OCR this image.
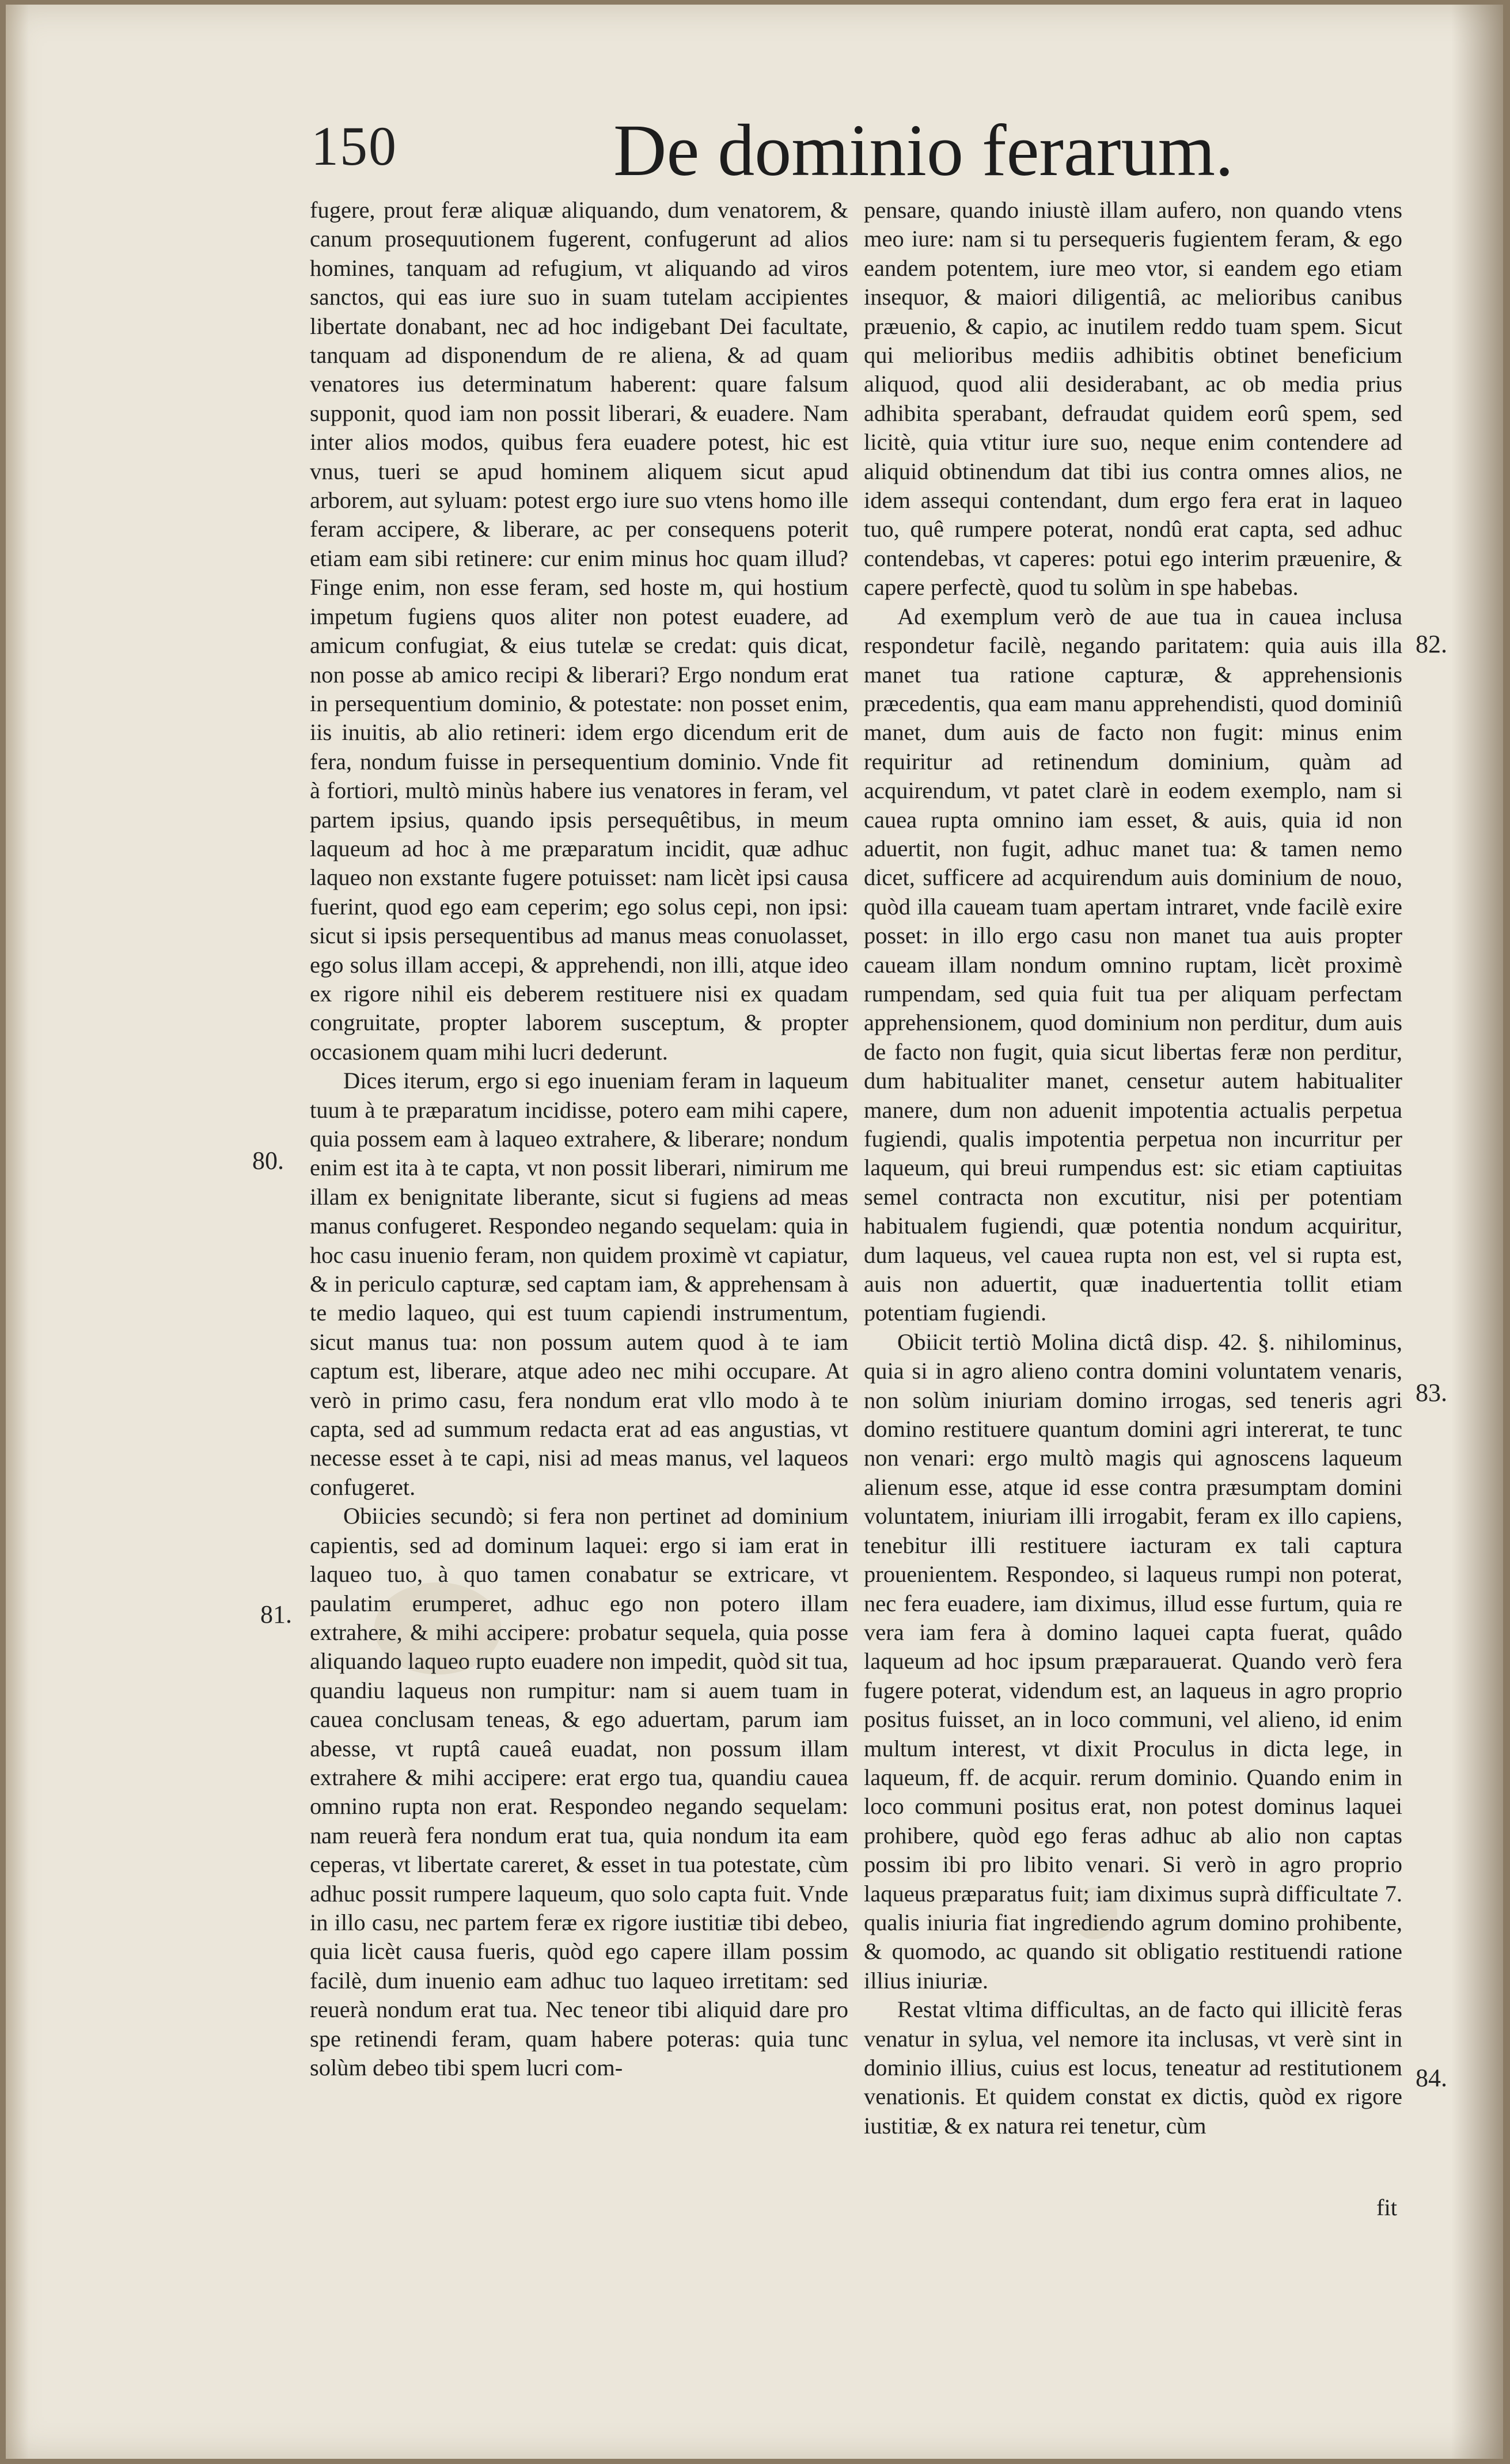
150	De dominio ferarum.

fugere, prout feræ aliquæ aliquando, dum venatorem, & canum prosequutionem fugerent, confugerunt ad alios homines, tanquam ad refugium, vt aliquando ad viros sanctos, qui eas iure suo in suam tutelam accipientes libertate donabant, nec ad hoc indigebant Dei facultate, tanquam ad disponendum de re aliena, & ad quam venatores ius determinatum haberent: quare falsum supponit, quod iam non possit liberari, & euadere. Nam inter alios modos, quibus fera euadere potest, hic est vnus, tueri se apud hominem aliquem sicut apud arborem, aut syluam: potest ergo iure suo vtens homo ille feram accipere, & liberare, ac per consequens poterit etiam eam sibi retinere: cur enim minus hoc quam illud? Finge enim, non esse feram, sed hoste m, qui hostium impetum fugiens quos aliter non potest euadere, ad amicum confugiat, & eius tutelæ se credat: quis dicat, non posse ab amico recipi & liberari? Ergo nondum erat in persequentium dominio, & potestate: non posset enim, iis inuitis, ab alio retineri: idem ergo dicendum erit de fera, nondum fuisse in persequentium dominio. Vnde fit à fortiori, multò minùs habere ius venatores in feram, vel partem ipsius, quando ipsis persequêtibus, in meum laqueum ad hoc à me præparatum incidit, quæ adhuc laqueo non exstante fugere potuisset: nam licèt ipsi causa fuerint, quod ego eam ceperim; ego solus cepi, non ipsi: sicut si ipsis persequentibus ad manus meas conuolasset, ego solus illam accepi, & apprehendi, non illi, atque ideo ex rigore nihil eis deberem restituere nisi ex quadam congruitate, propter laborem susceptum, & propter occasionem quam mihi lucri dederunt.

Dices iterum, ergo si ego inueniam feram in laqueum tuum à te præparatum incidisse, potero eam mihi capere, quia possem eam à laqueo extrahere, & liberare; nondum enim est ita à te capta, vt non possit liberari, nimirum me illam ex benignitate liberante, sicut si fugiens ad meas manus confugeret. Respondeo negando sequelam: quia in hoc casu inuenio feram, non quidem proximè vt capiatur, & in periculo capturæ, sed captam iam, & apprehensam à te medio laqueo, qui est tuum capiendi instrumentum, sicut manus tua: non possum autem quod à te iam captum est, liberare, atque adeo nec mihi occupare. At verò in primo casu, fera nondum erat vllo modo à te capta, sed ad summum redacta erat ad eas angustias, vt necesse esset à te capi, nisi ad meas manus, vel laqueos confugeret.

Obiicies secundò; si fera non pertinet ad dominium capientis, sed ad dominum laquei: ergo si iam erat in laqueo tuo, à quo tamen conabatur se extricare, vt paulatim erumperet, adhuc ego non potero illam extrahere, & mihi accipere: probatur sequela, quia posse aliquando laqueo rupto euadere non impedit, quòd sit tua, quandiu laqueus non rumpitur: nam si auem tuam in cauea conclusam teneas, & ego aduertam, parum iam abesse, vt ruptâ caueâ euadat, non possum illam extrahere & mihi accipere: erat ergo tua, quandiu cauea omnino rupta non erat. Respondeo negando sequelam: nam reuerà fera nondum erat tua, quia nondum ita eam ceperas, vt libertate careret, & esset in tua potestate, cùm adhuc possit rumpere laqueum, quo solo capta fuit. Vnde in illo casu, nec partem feræ ex rigore iustitiæ tibi debeo, quia licèt causa fueris, quòd ego capere illam possim facilè, dum inuenio eam adhuc tuo laqueo irretitam: sed reuerà nondum erat tua. Nec teneor tibi aliquid dare pro spe retinendi feram, quam habere poteras: quia tunc solùm debeo tibi spem lucri com-

pensare, quando iniustè illam aufero, non quando vtens meo iure: nam si tu persequeris fugientem feram, & ego eandem potentem, iure meo vtor, si eandem ego etiam insequor, & maiori diligentiâ, ac melioribus canibus præuenio, & capio, ac inutilem reddo tuam spem. Sicut qui melioribus mediis adhibitis obtinet beneficium aliquod, quod alii desiderabant, ac ob media prius adhibita sperabant, defraudat quidem eorû spem, sed licitè, quia vtitur iure suo, neque enim contendere ad aliquid obtinendum dat tibi ius contra omnes alios, ne idem assequi contendant, dum ergo fera erat in laqueo tuo, quê rumpere poterat, nondû erat capta, sed adhuc contendebas, vt caperes: potui ego interim præuenire, & capere perfectè, quod tu solùm in spe habebas.

Ad exemplum verò de aue tua in cauea inclusa respondetur facilè, negando paritatem: quia auis illa manet tua ratione capturæ, & apprehensionis præcedentis, qua eam manu apprehendisti, quod dominiû manet, dum auis de facto non fugit: minus enim requiritur ad retinendum dominium, quàm ad acquirendum, vt patet clarè in eodem exemplo, nam si cauea rupta omnino iam esset, & auis, quia id non aduertit, non fugit, adhuc manet tua: & tamen nemo dicet, sufficere ad acquirendum auis dominium de nouo, quòd illa caueam tuam apertam intraret, vnde facilè exire posset: in illo ergo casu non manet tua auis propter caueam illam nondum omnino ruptam, licèt proximè rumpendam, sed quia fuit tua per aliquam perfectam apprehensionem, quod dominium non perditur, dum auis de facto non fugit, quia sicut libertas feræ non perditur, dum habitualiter manet, censetur autem habitualiter manere, dum non aduenit impotentia actualis perpetua fugiendi, qualis impotentia perpetua non incurritur per laqueum, qui breui rumpendus est: sic etiam captiuitas semel contracta non excutitur, nisi per potentiam habitualem fugiendi, quæ potentia nondum acquiritur, dum laqueus, vel cauea rupta non est, vel si rupta est, auis non aduertit, quæ inaduertentia tollit etiam potentiam fugiendi.

Obiicit tertiò Molina dictâ disp. 42. §. nihilominus, quia si in agro alieno contra domini voluntatem venaris, non solùm iniuriam domino irrogas, sed teneris agri domino restituere quantum domini agri intererat, te tunc non venari: ergo multò magis qui agnoscens laqueum alienum esse, atque id esse contra præsumptam domini voluntatem, iniuriam illi irrogabit, feram ex illo capiens, tenebitur illi restituere iacturam ex tali captura prouenientem. Respondeo, si laqueus rumpi non poterat, nec fera euadere, iam diximus, illud esse furtum, quia re vera iam fera à domino laquei capta fuerat, quâdo laqueum ad hoc ipsum præparauerat. Quando verò fera fugere poterat, videndum est, an laqueus in agro proprio positus fuisset, an in loco communi, vel alieno, id enim multum interest, vt dixit Proculus in dicta lege, in laqueum, ff. de acquir. rerum dominio. Quando enim in loco communi positus erat, non potest dominus laquei prohibere, quòd ego feras adhuc ab alio non captas possim ibi pro libito venari. Si verò in agro proprio laqueus præparatus fuit; iam diximus suprà difficultate 7. qualis iniuria fiat ingrediendo agrum domino prohibente, & quomodo, ac quando sit obligatio restituendi ratione illius iniuriæ.

Restat vltima difficultas, an de facto qui illicitè feras venatur in sylua, vel nemore ita inclusas, vt verè sint in dominio illius, cuius est locus, teneatur ad restitutionem venationis. Et quidem constat ex dictis, quòd ex rigore iustitiæ, & ex natura rei tenetur, cùm

80.
81.
82.
83.
84.
fit
